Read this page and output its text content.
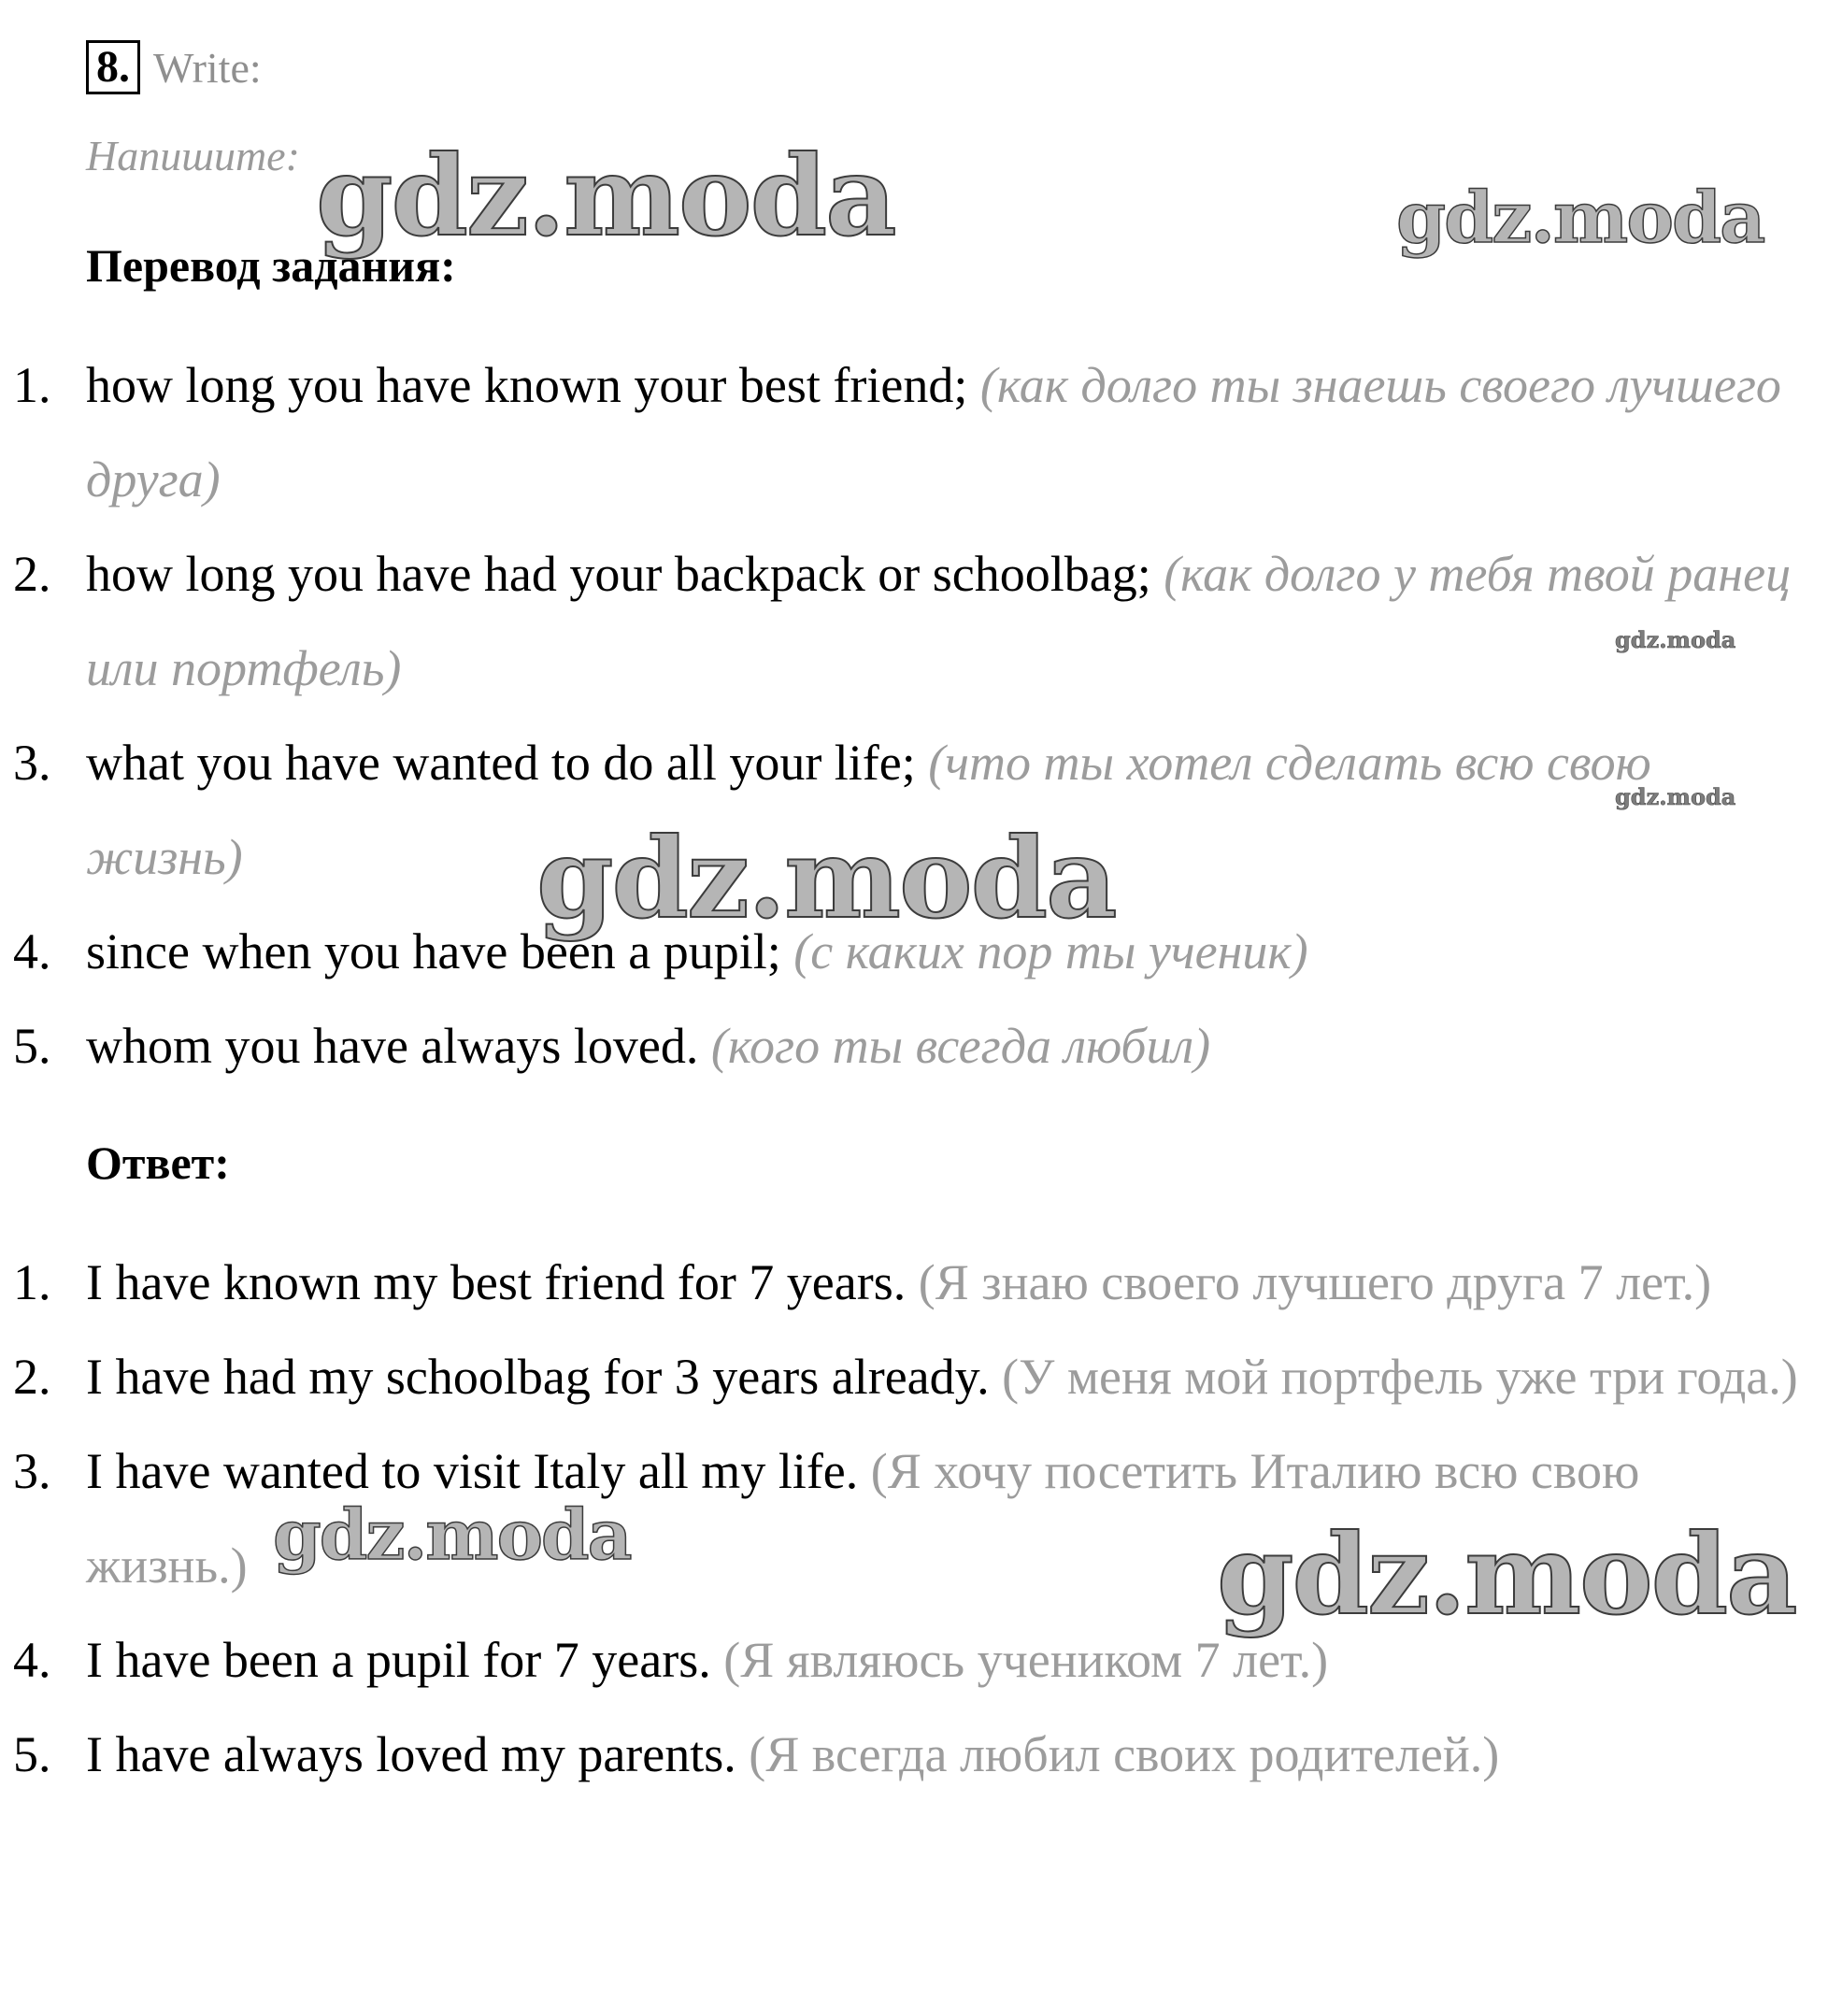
8. Write:
Напишите:
Перевод задания:
1. how long you have known your best friend; (как долго ты знаешь своего лучшего друга)
2. how long you have had your backpack or schoolbag; (как долго у тебя твой ранец или портфель)
3. what you have wanted to do all your life; (что ты хотел сделать всю свою жизнь)
4. since when you have been a pupil; (с каких пор ты ученик)
5. whom you have always loved. (кого ты всегда любил)
Ответ:
1. I have known my best friend for 7 years. (Я знаю своего лучшего друга 7 лет.)
2. I have had my schoolbag for 3 years already. (У меня мой портфель уже три года.)
3. I have wanted to visit Italy all my life. (Я хочу посетить Италию всю свою жизнь.)
4. I have been a pupil for 7 years. (Я являюсь учеником 7 лет.)
5. I have always loved my parents. (Я всегда любил своих родителей.)
gdz.moda	gdz.moda
gdz.moda
gdz.moda
gdz.moda
gdz.moda	gdz.moda
